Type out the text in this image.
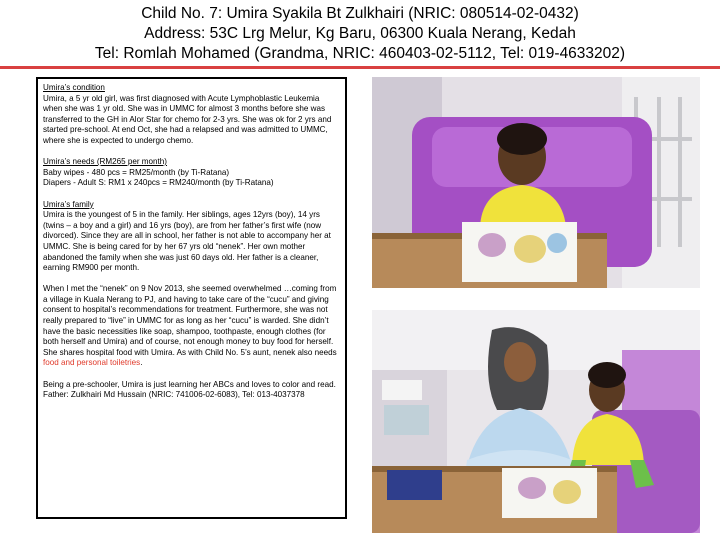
Child No. 7: Umira Syakila Bt Zulkhairi (NRIC: 080514-02-0432)
Address: 53C Lrg Melur, Kg Baru, 06300 Kuala Nerang, Kedah
Tel: Romlah Mohamed (Grandma, NRIC: 460403-02-5112, Tel: 019-4633202)

Umira’s condition

Umira, a 5 yr old girl, was first diagnosed with Acute Lymphoblastic Leukemia when she was 1 yr old. She was in UMMC for almost 3 months before she was transferred to the GH in Alor Star for chemo for 2-3 yrs. She was ok for 2 yrs and started pre-school. At end Oct, she had a relapsed and was admitted to UMMC, where she is expected to undergo chemo.

Umira’s needs (RM265 per month)

Baby wipes - 480 pcs = RM25/month (by Ti-Ratana)

Diapers - Adult S: RM1 x 240pcs = RM240/month (by Ti-Ratana)

Umira’s family

Umira is the youngest of 5 in the family. Her siblings, ages 12yrs (boy), 14 yrs (twins – a boy and a girl) and 16 yrs (boy), are from her father’s first wife (now divorced). Since they are all in school, her father is not able to accompany her at UMMC. She is being cared for by her 67 yrs old “nenek”. Her own mother abandoned the family when she was just 60 days old. Her father is a cleaner, earning RM900 per month.

When I met the “nenek” on 9 Nov 2013, she seemed overwhelmed …coming from a village in Kuala Nerang to PJ, and having to take care of the “cucu” and giving consent to hospital’s recommendations for treatment. Furthermore, she was not really prepared to “live” in UMMC for as long as her “cucu” is warded. She didn’t have the basic necessities like soap, shampoo, toothpaste, enough clothes (for both herself and Umira) and of course, not enough money to buy food for herself. She shares hospital food with Umira. As with Child No. 5’s aunt, nenek also needs food and personal toiletries.

Being a pre-schooler, Umira is just learning her ABCs and loves to color and read.

Father: Zulkhairi Md Hussain (NRIC: 741006-02-6083), Tel: 013-4037378
